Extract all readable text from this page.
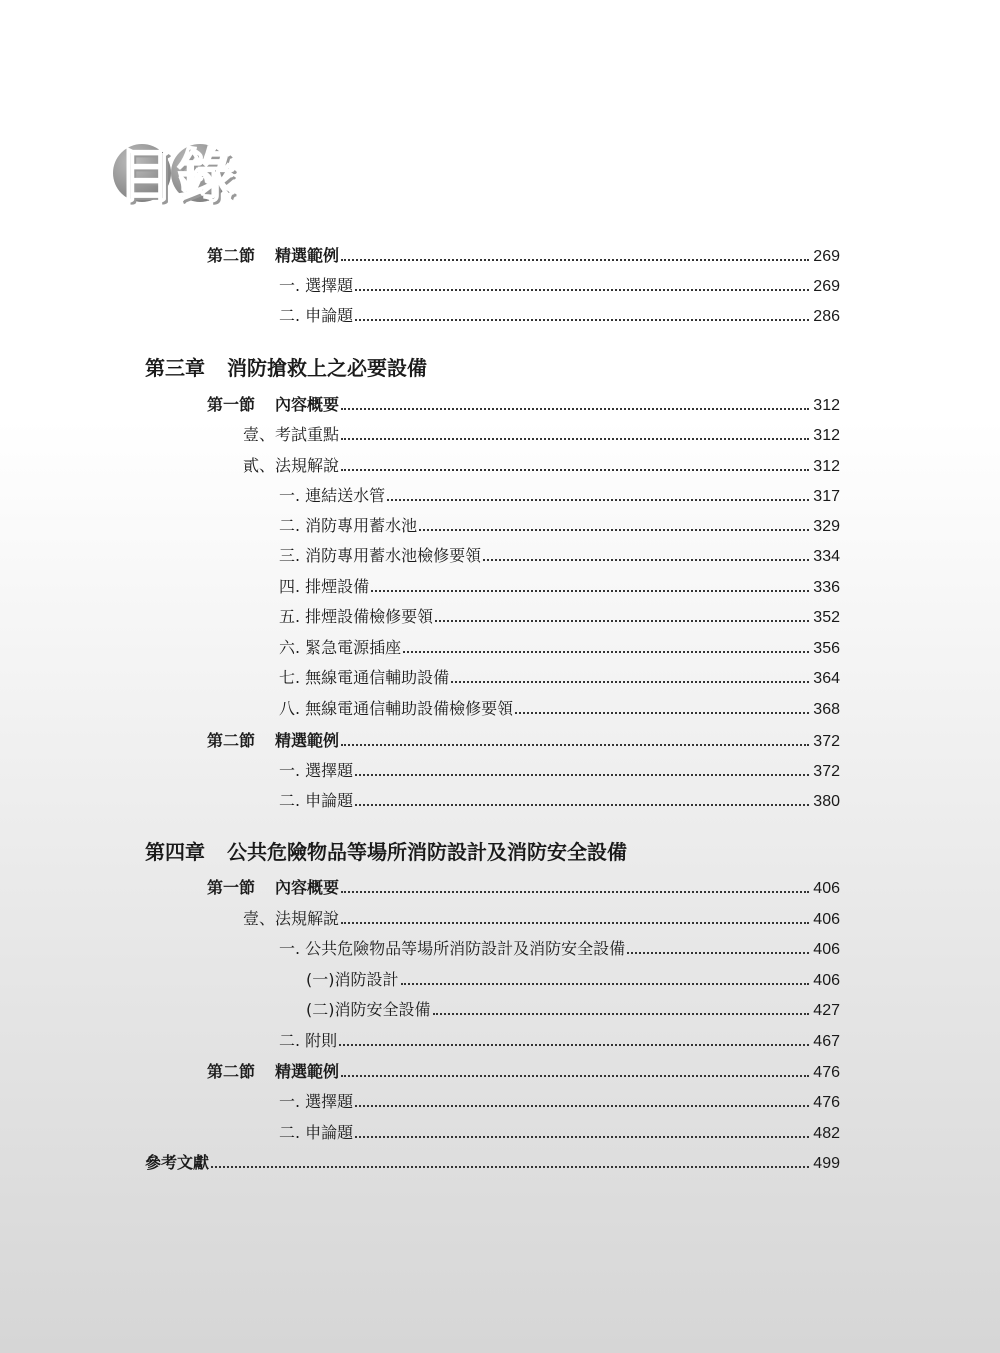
目錄
第二節 精選範例	269
一. 選擇題	269
二. 申論題	286
第三章 消防搶救上之必要設備
第一節 內容概要	312
壹、考試重點	312
貳、法規解說	312
一. 連結送水管	317
二. 消防專用蓄水池	329
三. 消防專用蓄水池檢修要領	334
四. 排煙設備	336
五. 排煙設備檢修要領	352
六. 緊急電源插座	356
七. 無線電通信輔助設備	364
八. 無線電通信輔助設備檢修要領	368
第二節 精選範例	372
一. 選擇題	372
二. 申論題	380
第四章 公共危險物品等場所消防設計及消防安全設備
第一節 內容概要	406
壹、法規解說	406
一. 公共危險物品等場所消防設計及消防安全設備	406
(一)消防設計	406
(二)消防安全設備	427
二. 附則	467
第二節 精選範例	476
一. 選擇題	476
二. 申論題	482
參考文獻	499
